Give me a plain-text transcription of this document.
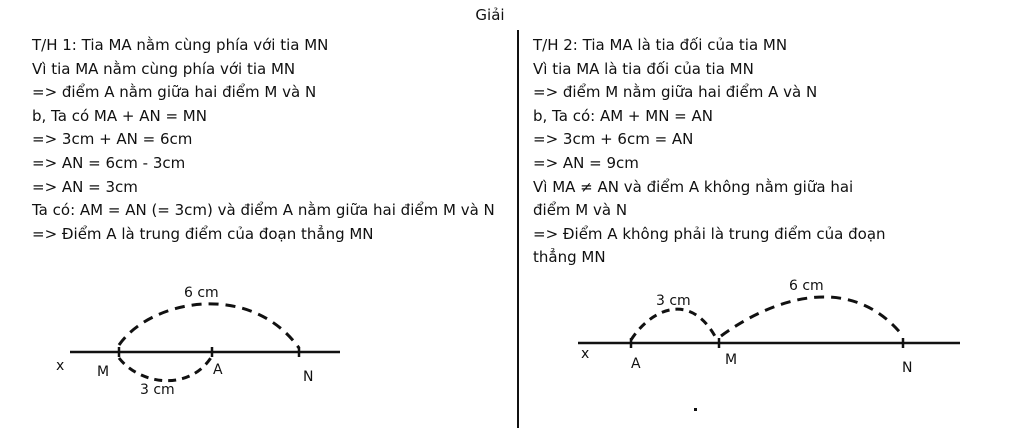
Giải
T/H 1: Tia MA nằm cùng phía với tia MN
Vì tia MA nằm cùng phía với tia MN
=> điểm A nằm giữa hai điểm M và N
b, Ta có MA + AN = MN
=> 3cm + AN = 6cm
=> AN = 6cm - 3cm
=> AN = 3cm
Ta có: AM = AN (= 3cm) và điểm A nằm giữa hai điểm M và N
=> Điểm A là trung điểm của đoạn thẳng MN
T/H 2: Tia MA là tia đối của tia MN
Vì tia MA là tia đối của tia MN
=> điểm M nằm giữa hai điểm A và N
b, Ta có: AM + MN = AN
=> 3cm + 6cm = AN
=> AN = 9cm
Vì MA ≠ AN và điểm A không nằm giữa hai
điểm M và N
=> Điểm A không phải là trung điểm của đoạn
thẳng MN
x M	A	N
6 cm
3 cm
x
A	M	N
3 cm
6 cm
